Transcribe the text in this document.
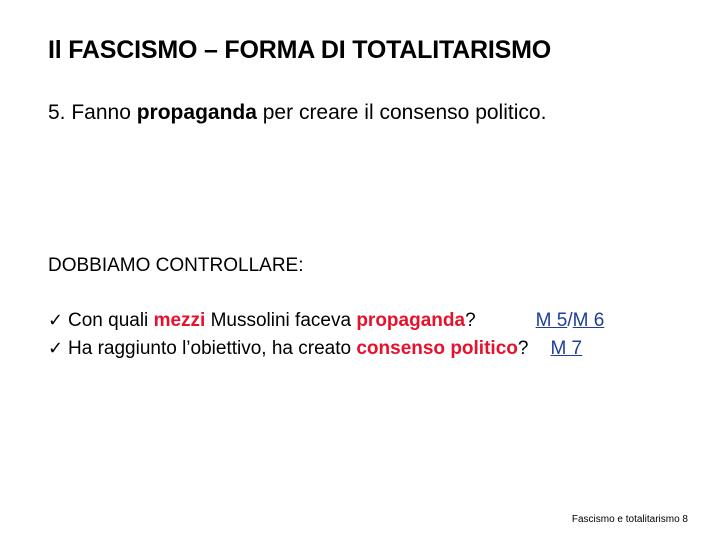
Il FASCISMO – FORMA DI TOTALITARISMO
5. Fanno propaganda per creare il consenso politico.
DOBBIAMO CONTROLLARE:
✓ Con quali mezzi Mussolini faceva propaganda?	M 5/M 6
✓ Ha raggiunto l’obiettivo, ha creato consenso politico? M 7
Fascismo e totalitarismo 8
